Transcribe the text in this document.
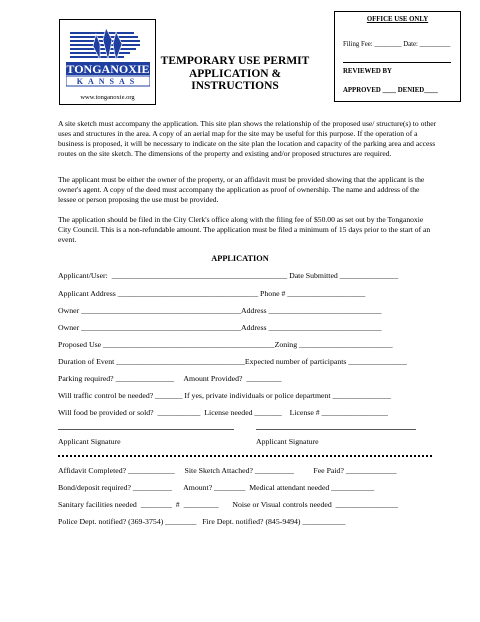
TONGANOXIE
KANSAS
www.tonganoxie.org
TEMPORARY USE PERMIT
APPLICATION &
INSTRUCTIONS
OFFICE USE ONLY
Filing Fee: ________ Date: _________
REVIEWED BY
APPROVED ____ DENIED____

A site sketch must accompany the application. This site plan shows the relationship of the proposed use/ structure(s) to other uses and structures in the area. A copy of an aerial map for the site may be useful for this purpose. If the operation of a business is proposed, it will be necessary to indicate on the site plan the location and capacity of the parking area and access routes on the site sketch. The dimensions of the property and existing and/or proposed structures are required.

The applicant must be either the owner of the property, or an affidavit must be provided showing that the applicant is the owner's agent. A copy of the deed must accompany the application as proof of ownership. The name and address of the lessee or person proposing the use must be provided.

The application should be filed in the City Clerk's office along with the filing fee of $50.00 as set out by the Tonganoxie City Council. This is a non-refundable amount. The application must be filed a minimum of 15 days prior to the start of an event.

APPLICATION
Applicant/User:  _____________________________________________ Date Submitted _______________
Applicant Address ____________________________________ Phone # ____________________
Owner _________________________________________Address _____________________________
Owner _________________________________________Address _____________________________
Proposed Use ____________________________________________Zoning ________________________
Duration of Event _________________________________Expected number of participants _______________
Parking required? _______________     Amount Provided?  _________
Will traffic control be needed? _______ If yes, private individuals or police department _______________
Will food be provided or sold?  ___________  License needed _______    License # _________________
Applicant Signature	Applicant Signature
Affidavit Completed? ____________     Site Sketch Attached? __________          Fee Paid? _____________
Bond/deposit required? __________      Amount? ________  Medical attendant needed ___________
Sanitary facilities needed  ________  #  _________       Noise or Visual controls needed  ________________
Police Dept. notified? (369-3754) ________   Fire Dept. notified? (845-9494) ___________
